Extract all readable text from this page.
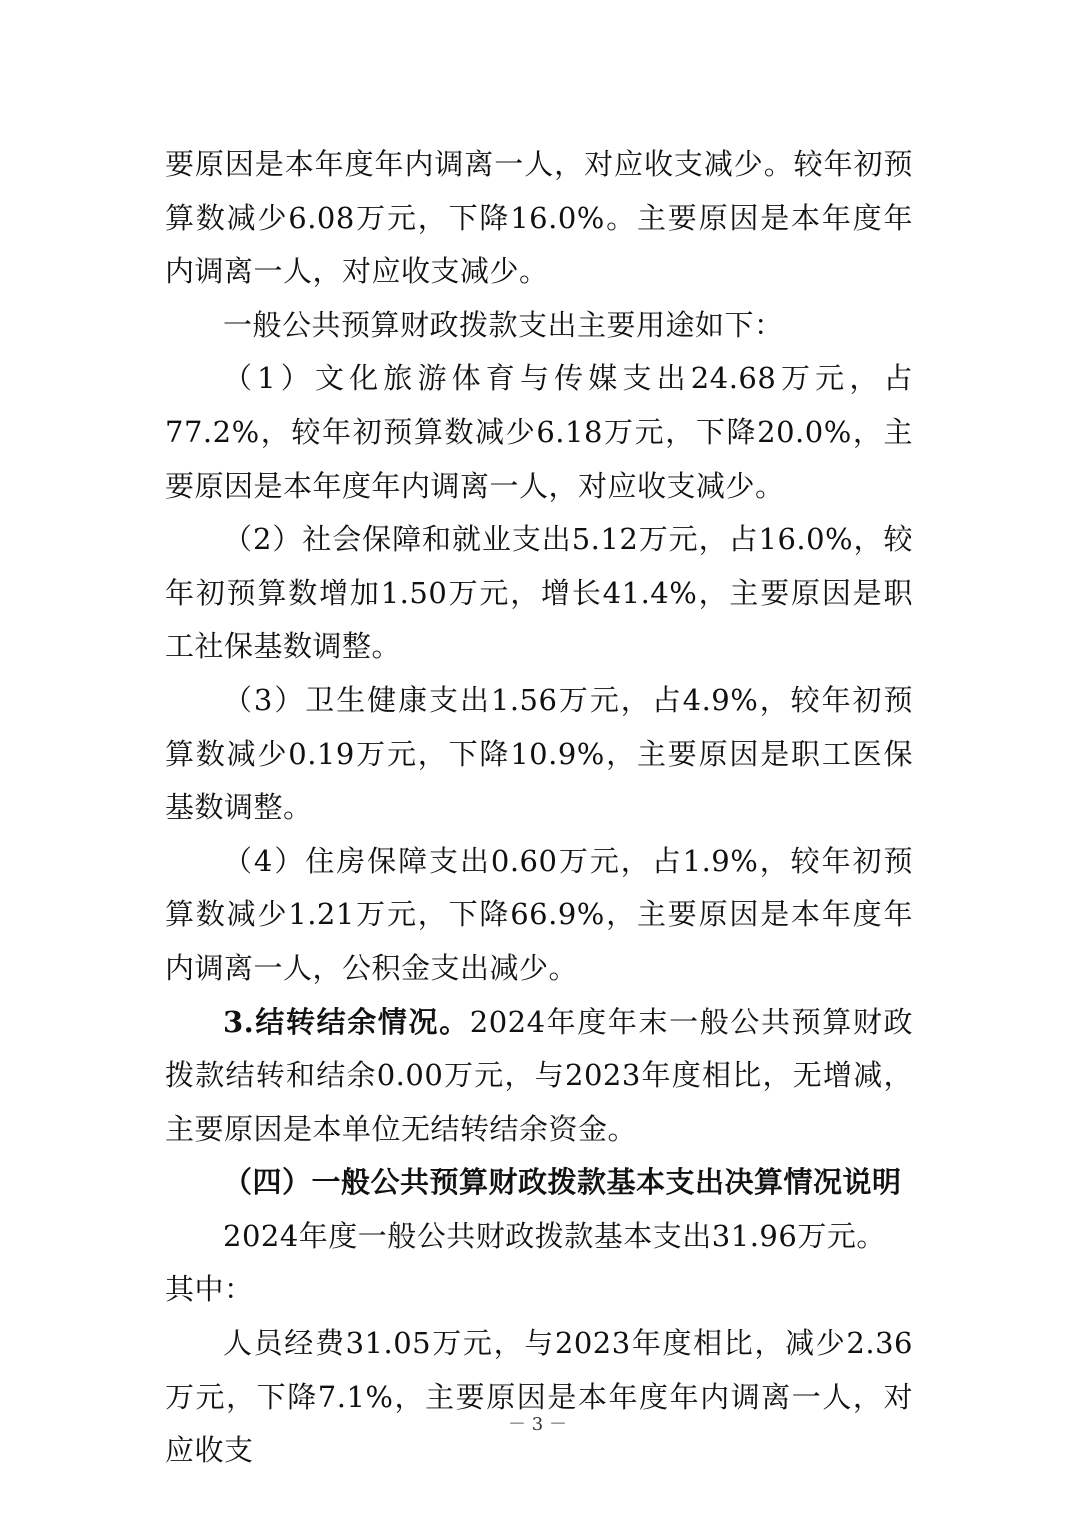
要原因是本年度年内调离一人，对应收支减少。较年初预算数减少6.08万元，下降16.0%。主要原因是本年度年内调离一人，对应收支减少。

一般公共预算财政拨款支出主要用途如下：

（1）文化旅游体育与传媒支出24.68万元，占77.2%，较年初预算数减少6.18万元，下降20.0%，主要原因是本年度年内调离一人，对应收支减少。

（2）社会保障和就业支出5.12万元，占16.0%，较年初预算数增加1.50万元，增长41.4%，主要原因是职工社保基数调整。

（3）卫生健康支出1.56万元，占4.9%，较年初预算数减少0.19万元，下降10.9%，主要原因是职工医保基数调整。

（4）住房保障支出0.60万元，占1.9%，较年初预算数减少1.21万元，下降66.9%，主要原因是本年度年内调离一人，公积金支出减少。

3.结转结余情况。2024年度年末一般公共预算财政拨款结转和结余0.00万元，与2023年度相比，无增减，主要原因是本单位无结转结余资金。

（四）一般公共预算财政拨款基本支出决算情况说明

2024年度一般公共财政拨款基本支出31.96万元。

其中：

人员经费31.05万元，与2023年度相比，减少2.36万元，下降7.1%，主要原因是本年度年内调离一人，对应收支

－ 3 －
